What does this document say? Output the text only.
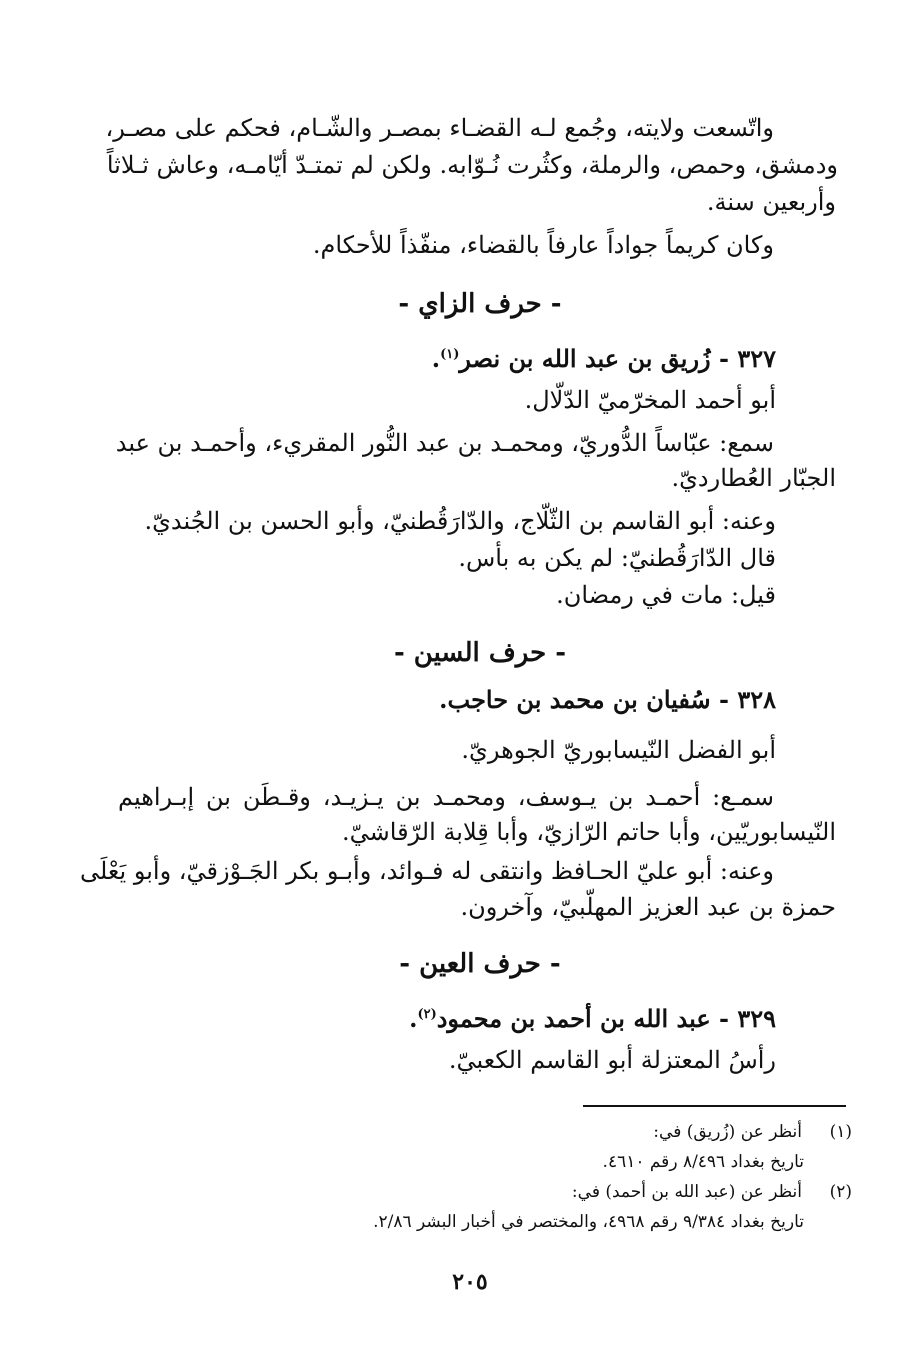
واتّسعت ولايته، وجُمع لـه القضـاء بمصـر والشّـام، فحكم على مصـر،
ودمشق، وحمص، والرملة، وكثُرت نُـوّابه. ولكن لم تمتـدّ أيّامـه، وعاش ثـلاثاً
وأربعين سنة.
وكان كريماً جواداً عارفاً بالقضاء، منفّذاً للأحكام.
- حرف الزاي -
٣٢٧ - زُريق بن عبد الله بن نصر$^{(١)}$.
أبو أحمد المخرّميّ الدّلّال.
سمع: عبّاساً الدُّوريّ، ومحمـد بن عبد النُّور المقريء، وأحمـد بن عبد
الجبّار العُطارديّ.
وعنه: أبو القاسم بن الثّلّاج، والدّارَقُطنيّ، وأبو الحسن بن الجُنديّ.
قال الدّارَقُطنيّ: لم يكن به بأس.
قيل: مات في رمضان.
- حرف السين -
٣٢٨ - سُفيان بن محمد بن حاجب.
أبو الفضل النّيسابوريّ الجوهريّ.
سمـع: أحمـد بن يـوسف، ومحمـد بن يـزيـد، وقـطَن بن إبـراهيم
النّيسابوريّين، وأبا حاتم الرّازيّ، وأبا قِلابة الرّقاشيّ.
وعنه: أبو عليّ الحـافظ وانتقى له فـوائد، وأبـو بكر الجَـوْزقيّ، وأبو يَعْلَى
حمزة بن عبد العزيز المهلّبيّ، وآخرون.
- حرف العين -
٣٢٩ - عبد الله بن أحمد بن محمود$^{(٢)}$.
رأسُ المعتزلة أبو القاسم الكعبيّ.
(١)
أنظر عن (زُريق) في:
تاريخ بغداد ٨/٤٩٦ رقم ٤٦١٠.
(٢)
أنظر عن (عبد الله بن أحمد) في:
تاريخ بغداد ٩/٣٨٤ رقم ٤٩٦٨، والمختصر في أخبار البشر ٢/٨٦.
٢٠٥
